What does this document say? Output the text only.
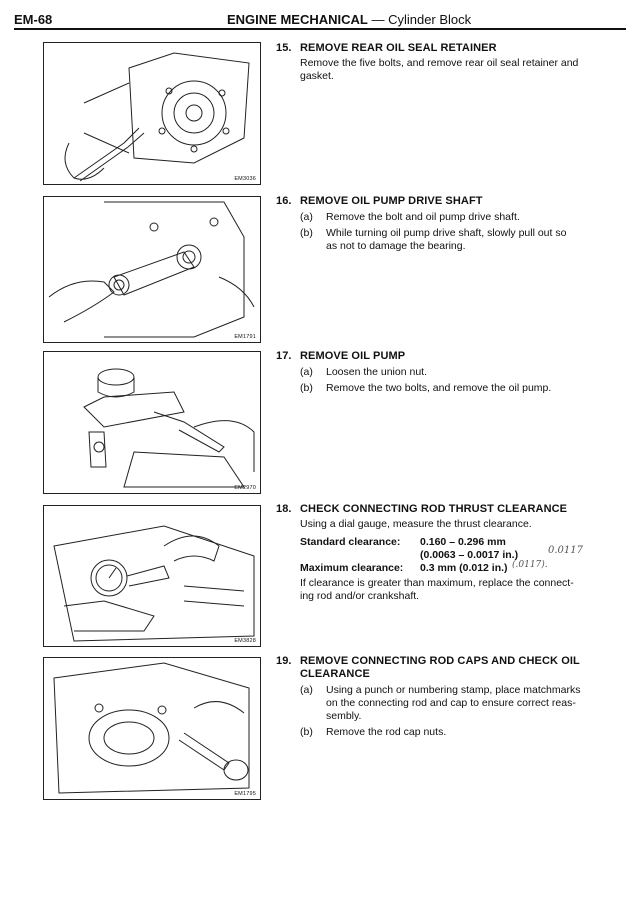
EM-68	ENGINE MECHANICAL — Cylinder Block
EM3036
EM1791
EM2970
EM3828
EM1795
15. REMOVE REAR OIL SEAL RETAINER

Remove the five bolts, and remove rear oil seal retainer and
gasket.

16. REMOVE OIL PUMP DRIVE SHAFT
(a) Remove the bolt and oil pump drive shaft.
(b) While turning oil pump drive shaft, slowly pull out so
as not to damage the bearing.
17. REMOVE OIL PUMP
(a) Loosen the union nut.
(b) Remove the two bolts, and remove the oil pump.
18. CHECK CONNECTING ROD THRUST CLEARANCE

Using a dial gauge, measure the thrust clearance.

Standard clearance: 0.160 – 0.296 mm
(0.0063 – 0.0017 in.)
Maximum clearance: 0.3 mm (0.012 in.)

If clearance is greater than maximum, replace the connect-
ing rod and/or crankshaft.

0.0117
(.0117).
19. REMOVE CONNECTING ROD CAPS AND CHECK OIL
CLEARANCE
(a) Using a punch or numbering stamp, place matchmarks
on the connecting rod and cap to ensure correct reas-
sembly.
(b) Remove the rod cap nuts.
